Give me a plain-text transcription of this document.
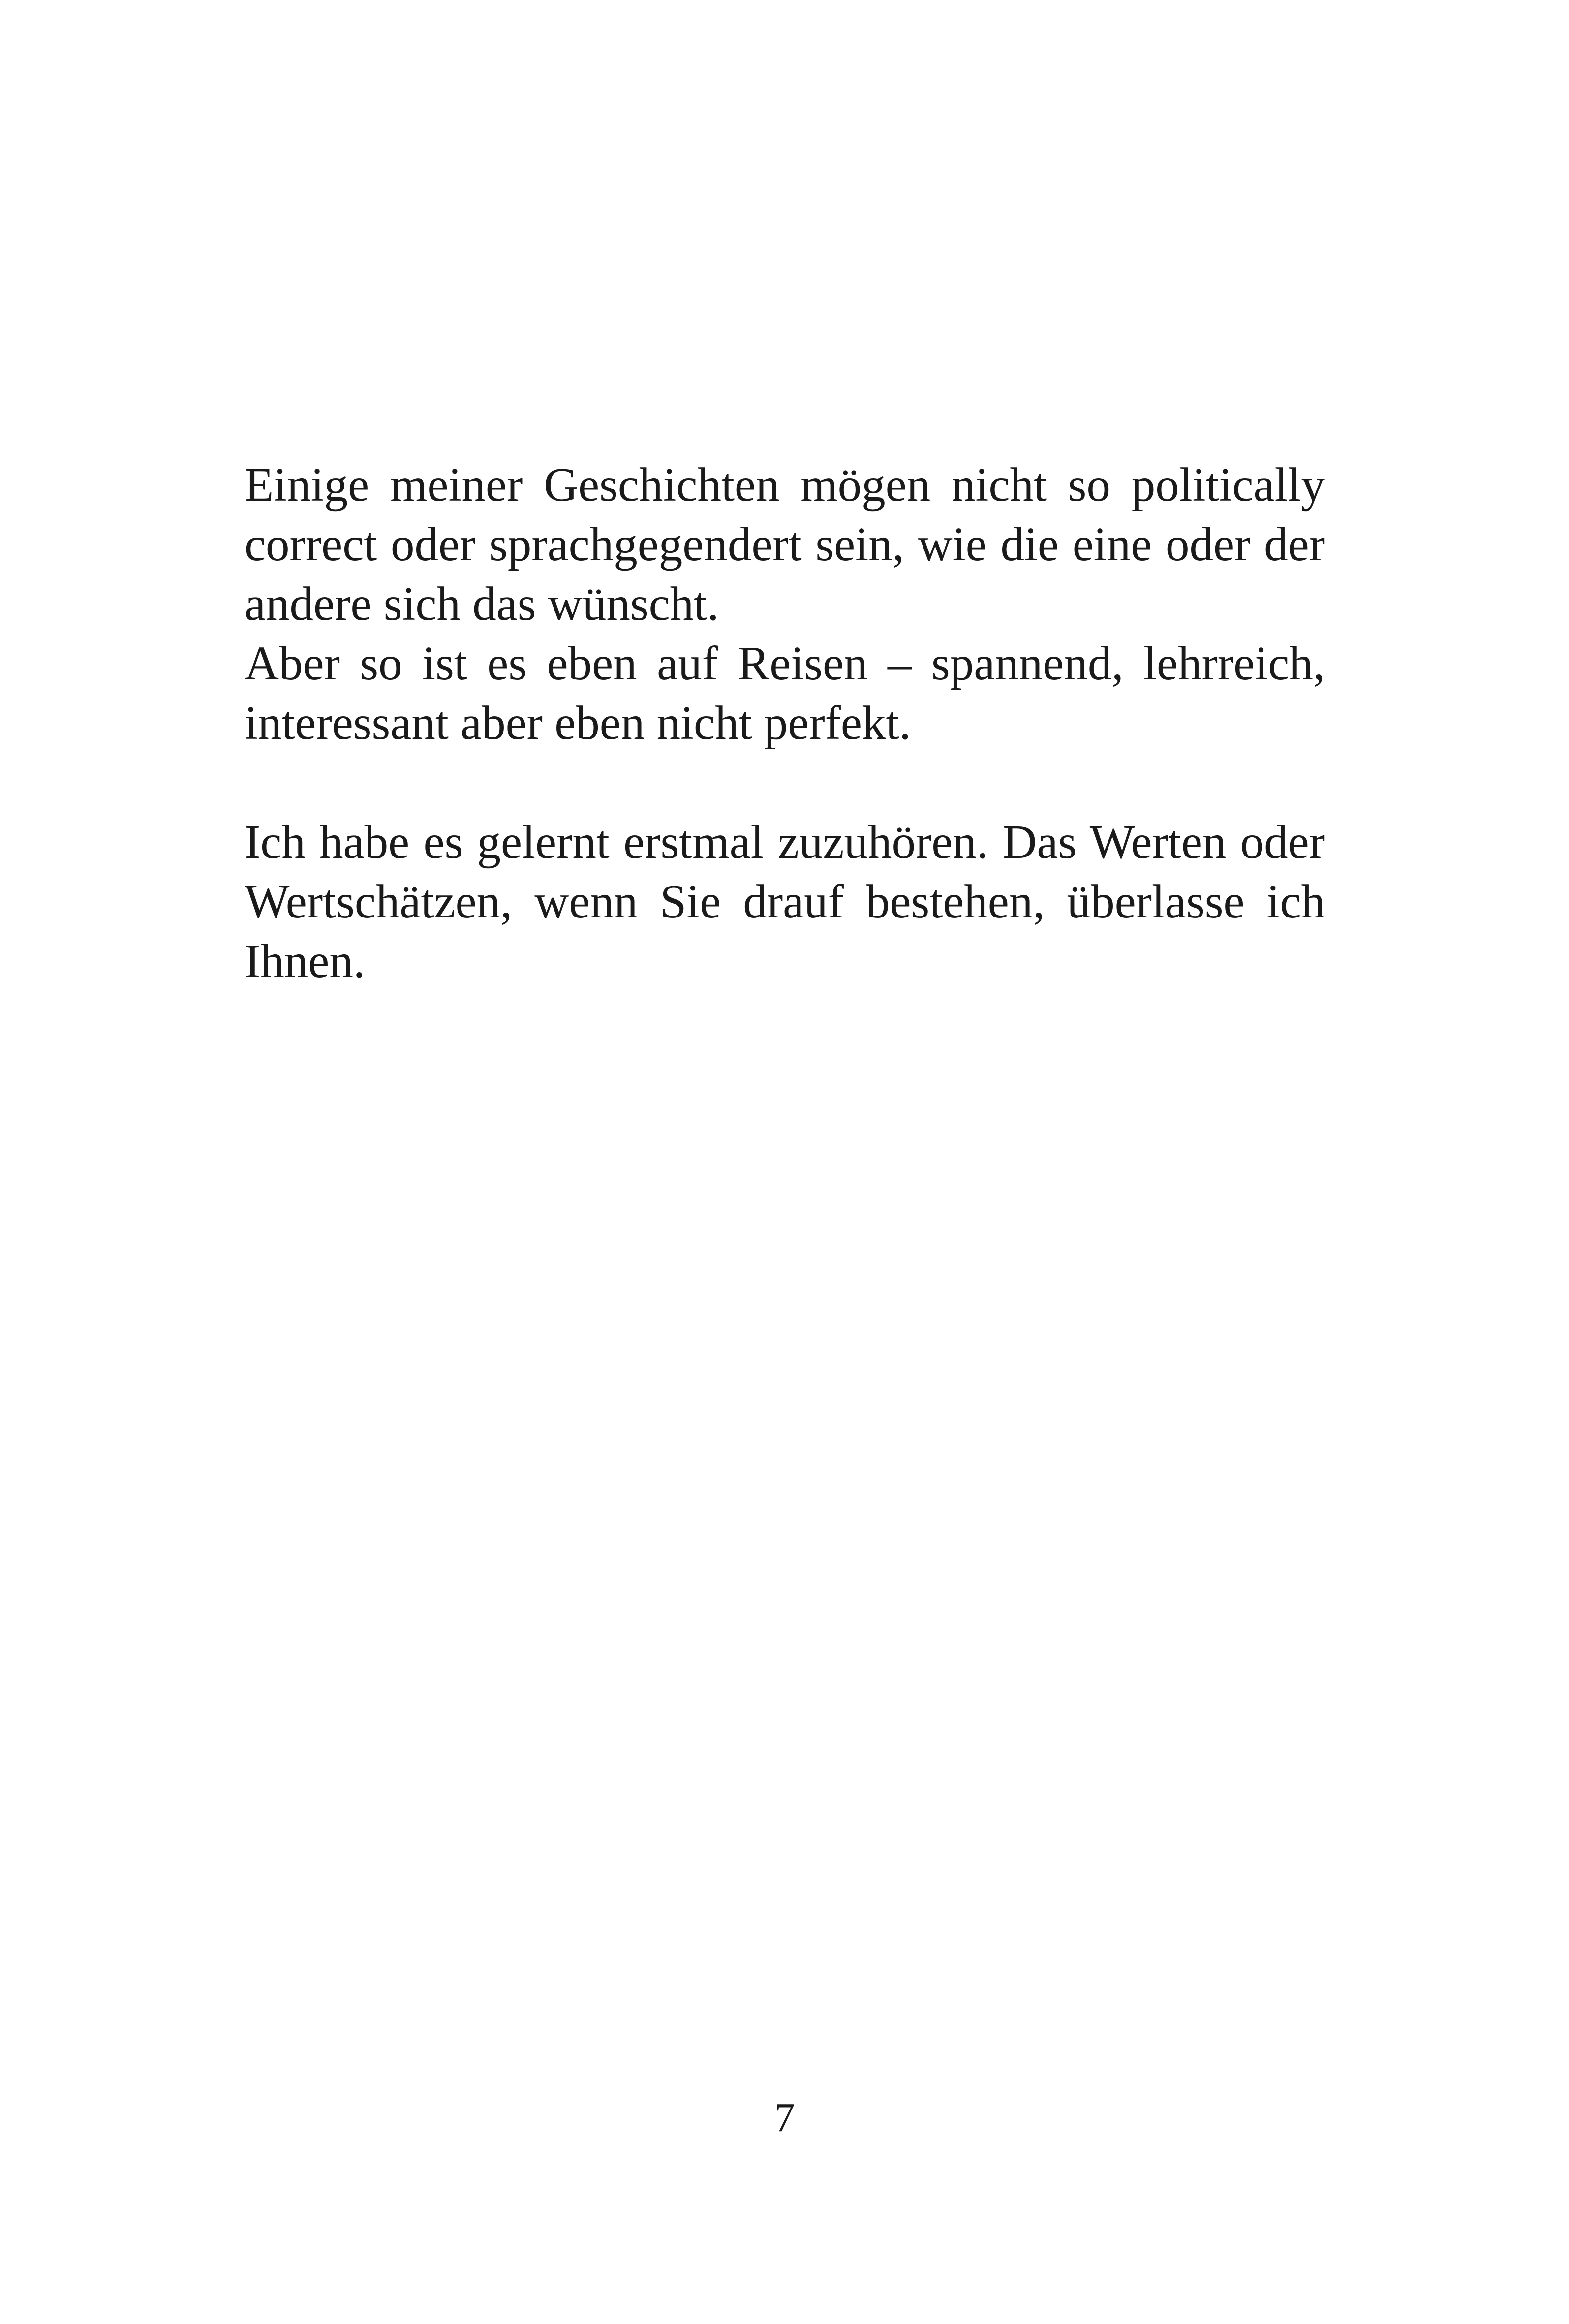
Einige meiner Geschichten mögen nicht so politically
correct oder sprachgegendert sein, wie die eine oder der
andere sich das wünscht.

Aber so ist es eben auf Reisen – spannend, lehrreich,
interessant aber eben nicht perfekt.

Ich habe es gelernt erstmal zuzuhören. Das Werten oder
Wertschätzen, wenn Sie drauf bestehen, überlasse ich
Ihnen.

7
